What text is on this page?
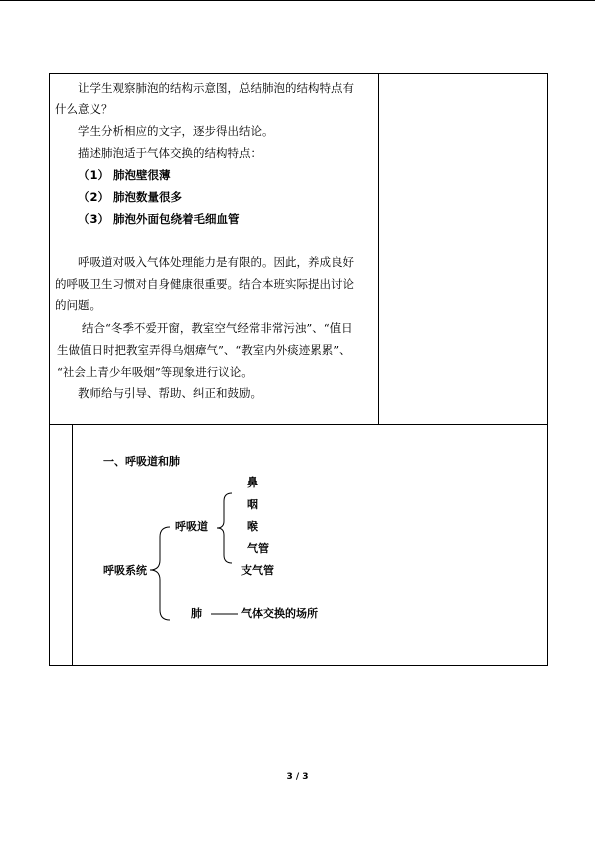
让学生观察肺泡的结构示意图，总结肺泡的结构特点有
什么意义？
学生分析相应的文字，逐步得出结论。
描述肺泡适于气体交换的结构特点：
（1） 肺泡壁很薄
（2） 肺泡数量很多
（3） 肺泡外面包绕着毛细血管
呼吸道对吸入气体处理能力是有限的。因此，养成良好
的呼吸卫生习惯对自身健康很重要。结合本班实际提出讨论
的问题。
结合“冬季不爱开窗，教室空气经常非常污浊”、“值日
生做值日时把教室弄得乌烟瘴气”、“教室内外痰迹累累”、
“社会上青少年吸烟”等现象进行议论。
教师给与引导、帮助、纠正和鼓励。
一、呼吸道和肺
鼻
咽
呼吸道	喉
气管
呼吸系统	支气管
肺	气体交换的场所
3 / 3
